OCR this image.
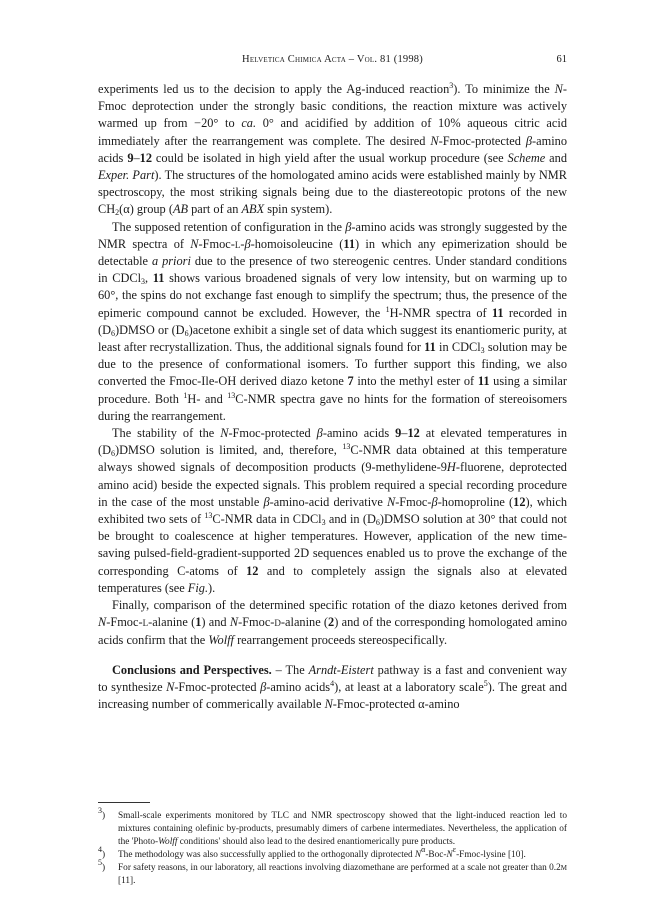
Helvetica Chimica Acta – Vol. 81 (1998)	61

experiments led us to the decision to apply the Ag-induced reaction$^3$). To minimize the N-Fmoc deprotection under the strongly basic conditions, the reaction mixture was actively warmed up from −20° to ca. 0° and acidified by addition of 10% aqueous citric acid immediately after the rearrangement was complete. The desired N-Fmoc-protected β-amino acids 9–12 could be isolated in high yield after the usual workup procedure (see Scheme and Exper. Part). The structures of the homologated amino acids were established mainly by NMR spectroscopy, the most striking signals being due to the diastereotopic protons of the new $CH_2(\alpha)$ group (AB part of an ABX spin system).

The supposed retention of configuration in the β-amino acids was strongly suggested by the NMR spectra of N-Fmoc-l-β-homoisoleucine (11) in which any epimerization should be detectable a priori due to the presence of two stereogenic centres. Under standard conditions in CDCl$_3$, 11 shows various broadened signals of very low intensity, but on warming up to 60°, the spins do not exchange fast enough to simplify the spectrum; thus, the presence of the epimeric compound cannot be excluded. However, the $^1$H-NMR spectra of 11 recorded in $(D_6)DMSO$ or $(D_6)acetone$ exhibit a single set of data which suggest its enantiomeric purity, at least after recrystallization. Thus, the additional signals found for 11 in CDCl$_3$ solution may be due to the presence of conformational isomers. To further support this finding, we also converted the Fmoc-Ile-OH derived diazo ketone 7 into the methyl ester of 11 using a similar procedure. Both $^1$H- and $^{13}$C-NMR spectra gave no hints for the formation of stereoisomers during the rearrangement.

The stability of the N-Fmoc-protected β-amino acids 9–12 at elevated temperatures in $(D_6)DMSO$ solution is limited, and, therefore, $^{13}$C-NMR data obtained at this temperature always showed signals of decomposition products (9-methylidene-9H-fluorene, deprotected amino acid) beside the expected signals. This problem required a special recording procedure in the case of the most unstable β-amino-acid derivative N-Fmoc-β-homoproline (12), which exhibited two sets of $^{13}$C-NMR data in CDCl$_3$ and in $(D_6)DMSO$ solution at 30° that could not be brought to coalescence at higher temperatures. However, application of the new time-saving pulsed-field-gradient-supported 2D sequences enabled us to prove the exchange of the corresponding C-atoms of 12 and to completely assign the signals also at elevated temperatures (see Fig.).

Finally, comparison of the determined specific rotation of the diazo ketones derived from N-Fmoc-l-alanine (1) and N-Fmoc-d-alanine (2) and of the corresponding homologated amino acids confirm that the Wolff rearrangement proceeds stereospecifically.

Conclusions and Perspectives. – The Arndt-Eistert pathway is a fast and convenient way to synthesize N-Fmoc-protected β-amino acids$^4$), at least at a laboratory scale$^5$). The great and increasing number of commerically available N-Fmoc-protected α-amino

$^3$) Small-scale experiments monitored by TLC and NMR spectroscopy showed that the light-induced reaction led to mixtures containing olefinic by-products, presumably dimers of carbene intermediates. Nevertheless, the application of the 'Photo-Wolff conditions' should also lead to the desired enantiomerically pure products.
$^4$) The methodology was also successfully applied to the orthogonally diprotected $N^\alpha-Boc-N^\varepsilon-Fmoc$-lysine [10].
$^5$) For safety reasons, in our laboratory, all reactions involving diazomethane are performed at a scale not greater than 0.2m [11].
